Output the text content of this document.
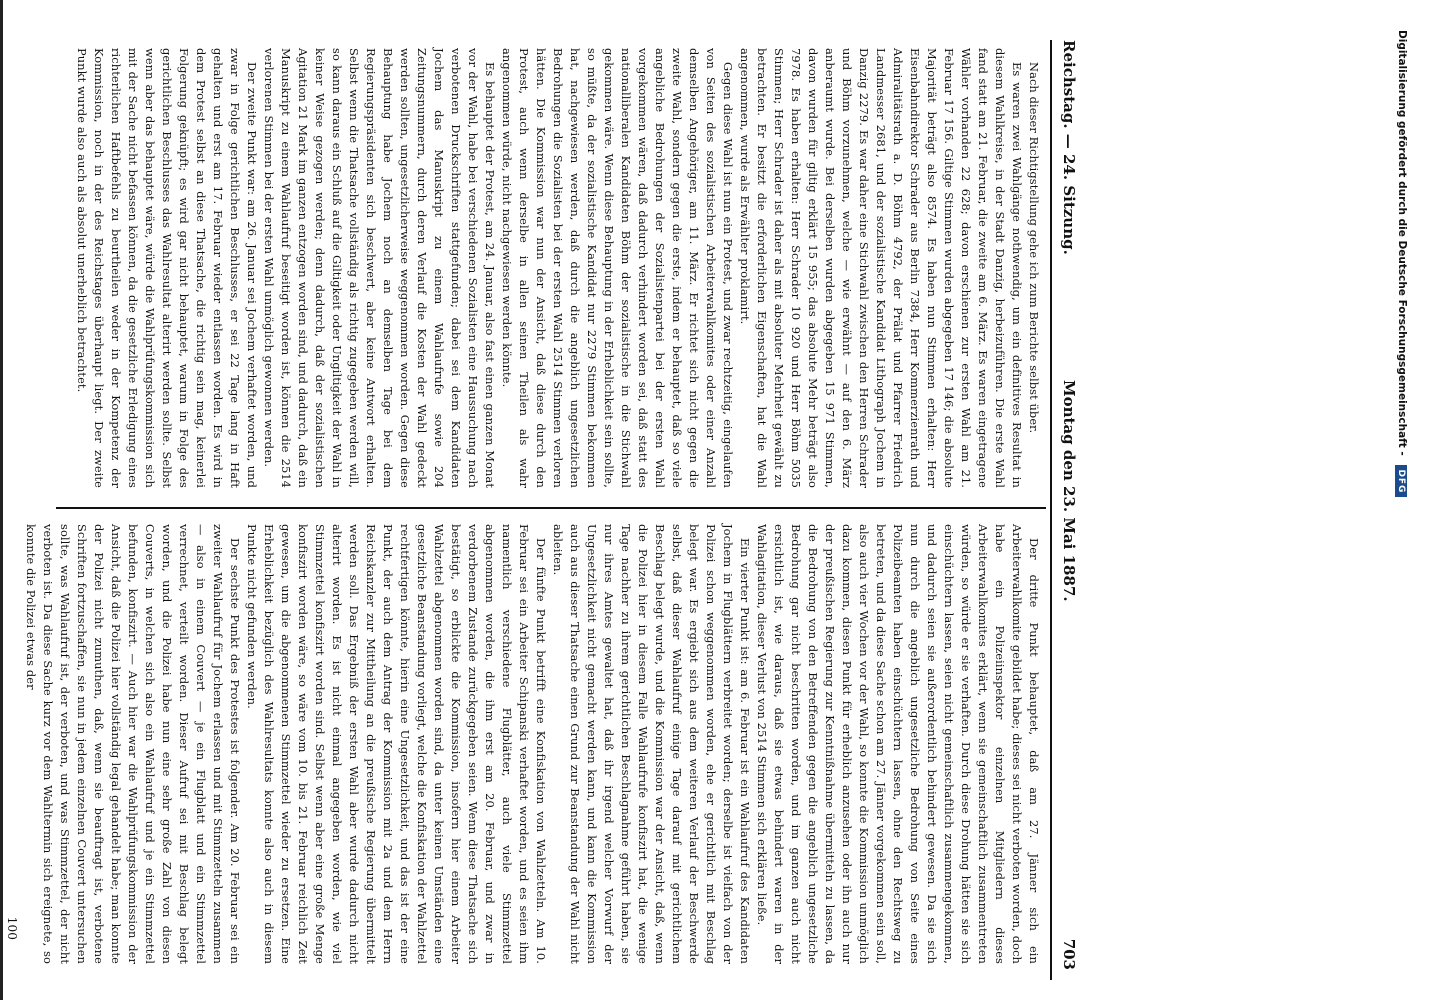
Reichstag. — 24. Sitzung.
Montag den 23. Mai 1887.
703

Nach dieser Richtigstellung gehe ich zum Berichte selbst über.

Es waren zwei Wahlgänge nothwendig, um ein definitives Resultat in diesem Wahlkreise, in der Stadt Danzig, herbeizuführen. Die erste Wahl fand statt am 21. Februar, die zweite am 6. März. Es waren eingetragene Wähler vorhanden 22 628; davon erschienen zur ersten Wahl am 21. Februar 17 156. Giltige Stimmen wurden abgegeben 17 146; die absolute Majorität beträgt also 8574. Es haben nun Stimmen erhalten: Herr Eisenbahndirektor Schrader aus Berlin 7384, Herr Kommerzienrath und Admiralitätsrath a. D. Böhm 4792, der Prälat und Pfarrer Friedrich Landmesser 2681, und der sozialistische Kandidat Lithograph Jochem in Danzig 2279. Es war daher eine Stichwahl zwischen den Herren Schrader und Böhm vorzunehmen, welche — wie erwähnt — auf den 6. März anberaumt wurde. Bei derselben wurden abgegeben 15 971 Stimmen, davon wurden für giltig erklärt 15 955; das absolute Mehr beträgt also 7978. Es haben erhalten: Herr Schrader 10 920 und Herr Böhm 5035 Stimmen; Herr Schrader ist daher als mit absoluter Mehrheit gewählt zu betrachten. Er besitzt die erforderlichen Eigenschaften, hat die Wahl angenommen, wurde als Erwählter proklamirt.

Gegen diese Wahl ist nun ein Protest, und zwar rechtzeitig, eingelaufen von Seiten des sozialistischen Arbeiterwahlkomites oder einer Anzahl demselben Angehöriger, am 11. März. Er richtet sich nicht gegen die zweite Wahl, sondern gegen die erste, indem er behauptet, daß so viele angebliche Bedrohungen der Sozialistenpartei bei der ersten Wahl vorgekommen wären, daß dadurch verhindert worden sei, daß statt des nationalliberalen Kandidaten Böhm der sozialistische in die Stichwahl gekommen wäre. Wenn diese Behauptung in der Erheblichkeit sein sollte, so müßte, da der sozialistische Kandidat nur 2279 Stimmen bekommen hat, nachgewiesen werden, daß durch die angeblich ungesetzlichen Bedrohungen die Sozialisten bei der ersten Wahl 2514 Stimmen verloren hätten. Die Kommission war nun der Ansicht, daß diese durch den Protest, auch wenn derselbe in allen seinen Theilen als wahr angenommen würde, nicht nachgewiesen werden könnte.

Es behauptet der Protest, am 24. Januar, also fast einen ganzen Monat vor der Wahl, habe bei verschiedenen Sozialisten eine Haussuchung nach verbotenen Druckschriften stattgefunden; dabei sei dem Kandidaten Jochem das Manuskript zu einem Wahlaufrufe sowie 204 Zeitungsnummern, durch deren Verlauf die Kosten der Wahl gedeckt werden sollten, ungesetzlicherweise weggenommen worden. Gegen diese Behauptung habe Jochem noch an demselben Tage bei dem Regierungspräsidenten sich beschwert, aber keine Antwort erhalten. Selbst wenn die Thatsache vollständig als richtig zugegeben werden will, so kann daraus ein Schluß auf die Giltigkeit oder Ungiltigkeit der Wahl in keiner Weise gezogen werden; denn dadurch, daß der sozialistischen Agitation 21 Mark im ganzen entzogen worden sind, und dadurch, daß ein Manuskript zu einem Wahlaufruf beseitigt worden ist, können die 2514 verlorenen Stimmen bei der ersten Wahl unmöglich gewonnen werden.

Der zweite Punkt war: am 26. Januar sei Jochem verhaftet worden, und zwar in Folge gerichtlichen Beschlusses, er sei 22 Tage lang in Haft gehalten und erst am 17. Februar wieder entlassen worden. Es wird in dem Protest selbst an diese Thatsache, die richtig sein mag, keinerlei Folgerung geknüpft; es wird gar nicht behauptet, warum in Folge des gerichtlichen Beschlusses das Wahlresultat alterirt werden sollte. Selbst wenn aber das behauptet wäre, würde die Wahlprüfungskommission sich mit der Sache nicht befassen können, da die gesetzliche Erledigung eines richterlichen Haftbefehls zu beurtheilen weder in der Kompetenz der Kommission, noch in der des Reichstages überhaupt liegt. Der zweite Punkt wurde also auch als absolut unerheblich betrachtet.

Der dritte Punkt behauptet, daß am 27. Jänner sich ein Arbeiterwahlkomite gebildet habe; dieses sei nicht verboten worden, doch habe ein Polizeiinspektor einzelnen Mitgliedern dieses Arbeiterwahlkomites erklärt, wenn sie gemeinschaftlich zusammentreten würden, so würde er sie verhaften. Durch diese Drohung hätten sie sich einschüchtern lassen, seien nicht gemeinschaftlich zusammengekommen, und dadurch seien sie außerordentlich behindert gewesen. Da sie sich nun durch die angeblich ungesetzliche Bedrohung von Seite eines Polizeibeamten haben einschüchtern lassen, ohne den Rechtsweg zu betreten, und da diese Sache schon am 27. Jänner vorgekommen sein soll, also auch vier Wochen vor der Wahl, so konnte die Kommission unmöglich dazu kommen, diesen Punkt für erheblich anzusehen oder ihn auch nur der preußischen Regierung zur Kenntnißnahme übermitteln zu lassen, da die Bedrohung von den Betreffenden gegen die angeblich ungesetzliche Bedrohung gar nicht beschritten worden, und im ganzen auch nicht ersichtlich ist, wie daraus, daß sie etwas behindert waren in der Wahlagitation, dieser Verlust von 2514 Stimmen sich erklären ließe.

Ein vierter Punkt ist: am 6. Februar ist ein Wahlaufruf des Kandidaten Jochem in Flugblättern verbreitet worden; derselbe ist vielfach von der Polizei schon weggenommen worden, ehe er gerichtlich mit Beschlag belegt war. Es ergiebt sich aus dem weiteren Verlauf der Beschwerde selbst, daß dieser Wahlaufruf einige Tage darauf mit gerichtlichem Beschlag belegt wurde, und die Kommission war der Ansicht, daß, wenn die Polizei hier in diesem Falle Wahlaufrufe konfiszirt hat, die wenige Tage nachher zu ihrem gerichtlichen Beschlagnahme geführt haben, sie nur ihres Amtes gewaltet hat, daß ihr irgend welcher Vorwurf der Ungesetzlichkeit nicht gemacht werden kann, und kann die Kommission auch aus dieser Thatsache einen Grund zur Beanstandung der Wahl nicht ableiten.

Der fünfte Punkt betrifft eine Konfiskation von Wahlzetteln. Am 10. Februar sei ein Arbeiter Schipanski verhaftet worden, und es seien ihm namentlich verschiedene Flugblätter, auch viele Stimmzettel abgenommen worden, die ihm erst am 20. Februar, und zwar in verdorbenem Zustande zurückgegeben seien. Wenn diese Thatsache sich bestätigt, so erblickte die Kommission, insofern hier einem Arbeiter Wahlzettel abgenommen worden sind, da unter keinen Umständen eine gesetzliche Beanstandung vorliegt, welche die Konfiskation der Wahlzettel rechtfertigen könnte, hierin eine Ungesetzlichkeit, und das ist der eine Punkt, der auch dem Antrag der Kommission mit 2a und dem Herrn Reichskanzler zur Mittheilung an die preußische Regierung übermittelt werden soll. Das Ergebniß der ersten Wahl aber wurde dadurch nicht alterirt worden. Es ist nicht einmal angegeben worden, wie viel Stimmzettel konfiszirt worden sind. Selbst wenn aber eine große Menge konfiszirt worden wäre, so wäre vom 10. bis 21. Februar reichlich Zeit gewesen, um die abgenommenen Stimmzettel wieder zu ersetzen. Eine Erheblichkeit bezüglich des Wahlresultats konnte also auch in diesem Punkte nicht gefunden werden.

Der sechste Punkt des Protestes ist folgender. Am 20. Februar sei ein zweiter Wahlaufruf für Jochem erlassen und mit Stimmzetteln zusammen — also in einem Couvert — je ein Flugblatt und ein Stimmzettel verrechnet, verteilt worden. Dieser Aufruf sei mit Beschlag belegt worden, und die Polizei habe nun eine sehr große Zahl von diesen Couverts, in welchen sich also ein Wahlaufruf und je ein Stimmzettel befunden, konfiszirt. — Auch hier war die Wahlprüfungskommission der Ansicht, daß die Polizei hier vollständig legal gehandelt habe; man konnte der Polizei nicht zumuthen, daß, wenn sie beauftragt ist, verbotene Schriften fortzuschaffen, sie nun in jedem einzelnen Couvert untersuchen sollte, was Wahlaufruf ist, der verboten, und was Stimmzettel, der nicht verboten ist. Da diese Sache kurz vor dem Wahltermin sich ereignete, so konnte die Polizei etwas der

100
Digitalisierung gefördert durch die Deutsche Forschungsgemeinschaft - DFG
